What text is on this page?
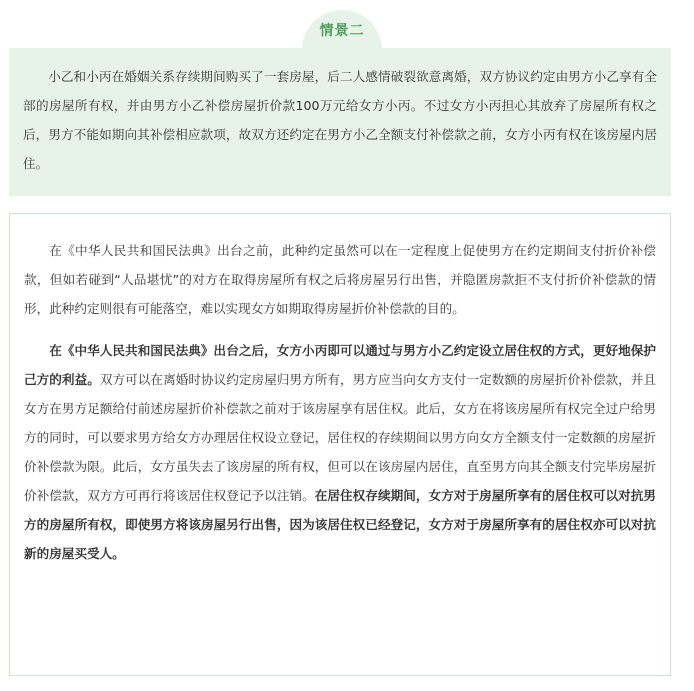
情景二

小乙和小丙在婚姻关系存续期间购买了一套房屋，后二人感情破裂欲意离婚，双方协议约定由男方小乙享有全部的房屋所有权，并由男方小乙补偿房屋折价款100万元给女方小丙。不过女方小丙担心其放弃了房屋所有权之后，男方不能如期向其补偿相应款项，故双方还约定在男方小乙全额支付补偿款之前，女方小丙有权在该房屋内居住。

在《中华人民共和国民法典》出台之前，此种约定虽然可以在一定程度上促使男方在约定期间支付折价补偿款，但如若碰到“人品堪忧”的对方在取得房屋所有权之后将房屋另行出售，并隐匿房款拒不支付折价补偿款的情形，此种约定则很有可能落空，难以实现女方如期取得房屋折价补偿款的目的。

在《中华人民共和国民法典》出台之后，女方小丙即可以通过与男方小乙约定设立居住权的方式，更好地保护己方的利益。双方可以在离婚时协议约定房屋归男方所有，男方应当向女方支付一定数额的房屋折价补偿款，并且女方在男方足额给付前述房屋折价补偿款之前对于该房屋享有居住权。此后，女方在将该房屋所有权完全过户给男方的同时，可以要求男方给女方办理居住权设立登记，居住权的存续期间以男方向女方全额支付一定数额的房屋折价补偿款为限。此后，女方虽失去了该房屋的所有权，但可以在该房屋内居住，直至男方向其全额支付完毕房屋折价补偿款，双方方可再行将该居住权登记予以注销。在居住权存续期间，女方对于房屋所享有的居住权可以对抗男方的房屋所有权，即使男方将该房屋另行出售，因为该居住权已经登记，女方对于房屋所享有的居住权亦可以对抗新的房屋买受人。
